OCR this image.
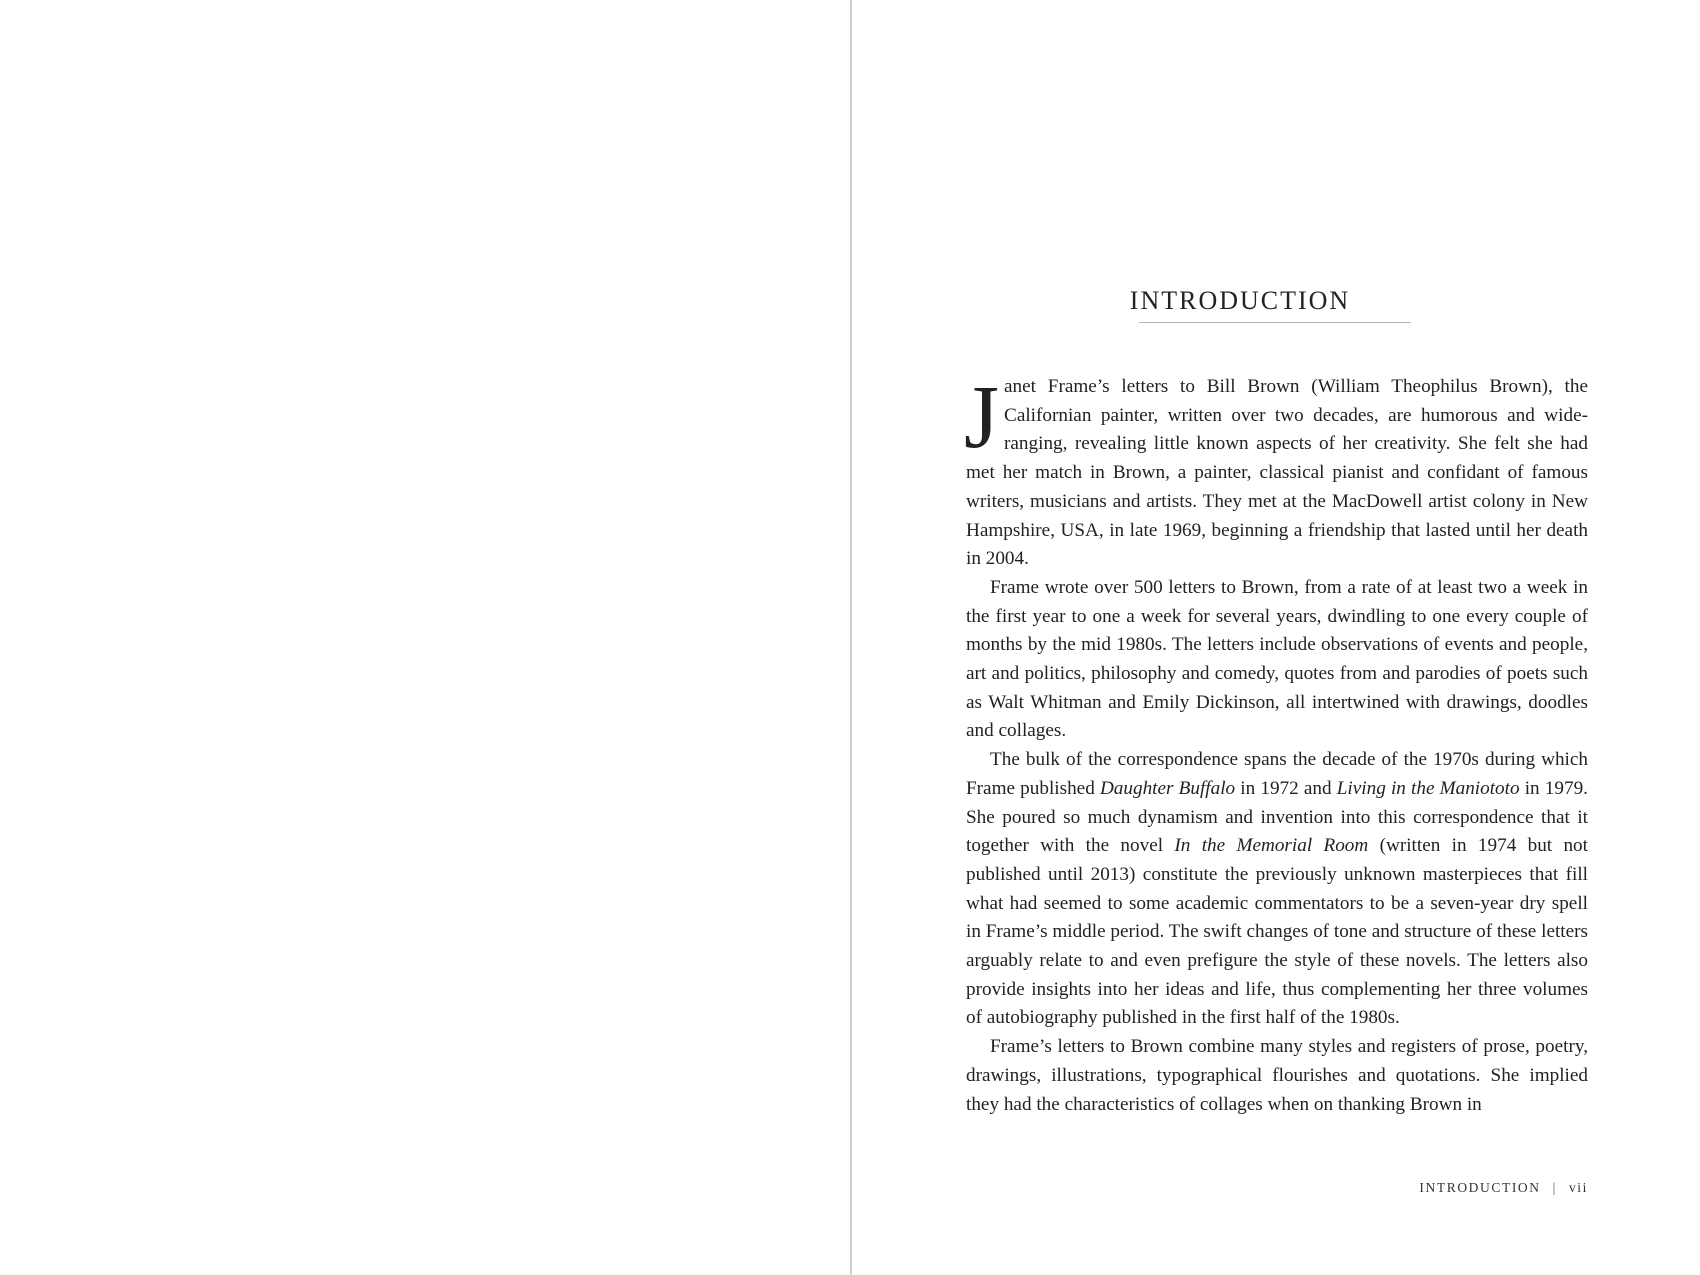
INTRODUCTION

Janet Frame’s letters to Bill Brown (William Theophilus Brown), the Californian painter, written over two decades, are humorous and wide-ranging, revealing little known aspects of her creativity. She felt she had met her match in Brown, a painter, classical pianist and confidant of famous writers, musicians and artists. They met at the MacDowell artist colony in New Hampshire, USA, in late 1969, beginning a friendship that lasted until her death in 2004.

Frame wrote over 500 letters to Brown, from a rate of at least two a week in the first year to one a week for several years, dwindling to one every couple of months by the mid 1980s. The letters include observations of events and people, art and politics, philosophy and comedy, quotes from and parodies of poets such as Walt Whitman and Emily Dickinson, all intertwined with drawings, doodles and collages.

The bulk of the correspondence spans the decade of the 1970s during which Frame published Daughter Buffalo in 1972 and Living in the Maniototo in 1979. She poured so much dynamism and invention into this correspondence that it together with the novel In the Memorial Room (written in 1974 but not published until 2013) constitute the previously unknown masterpieces that fill what had seemed to some academic commentators to be a seven-year dry spell in Frame’s middle period. The swift changes of tone and structure of these letters arguably relate to and even prefigure the style of these novels. The letters also provide insights into her ideas and life, thus complementing her three volumes of autobiography published in the first half of the 1980s.

Frame’s letters to Brown combine many styles and registers of prose, poetry, drawings, illustrations, typographical flourishes and quotations. She implied they had the characteristics of collages when on thanking Brown in

INTRODUCTION | vii
